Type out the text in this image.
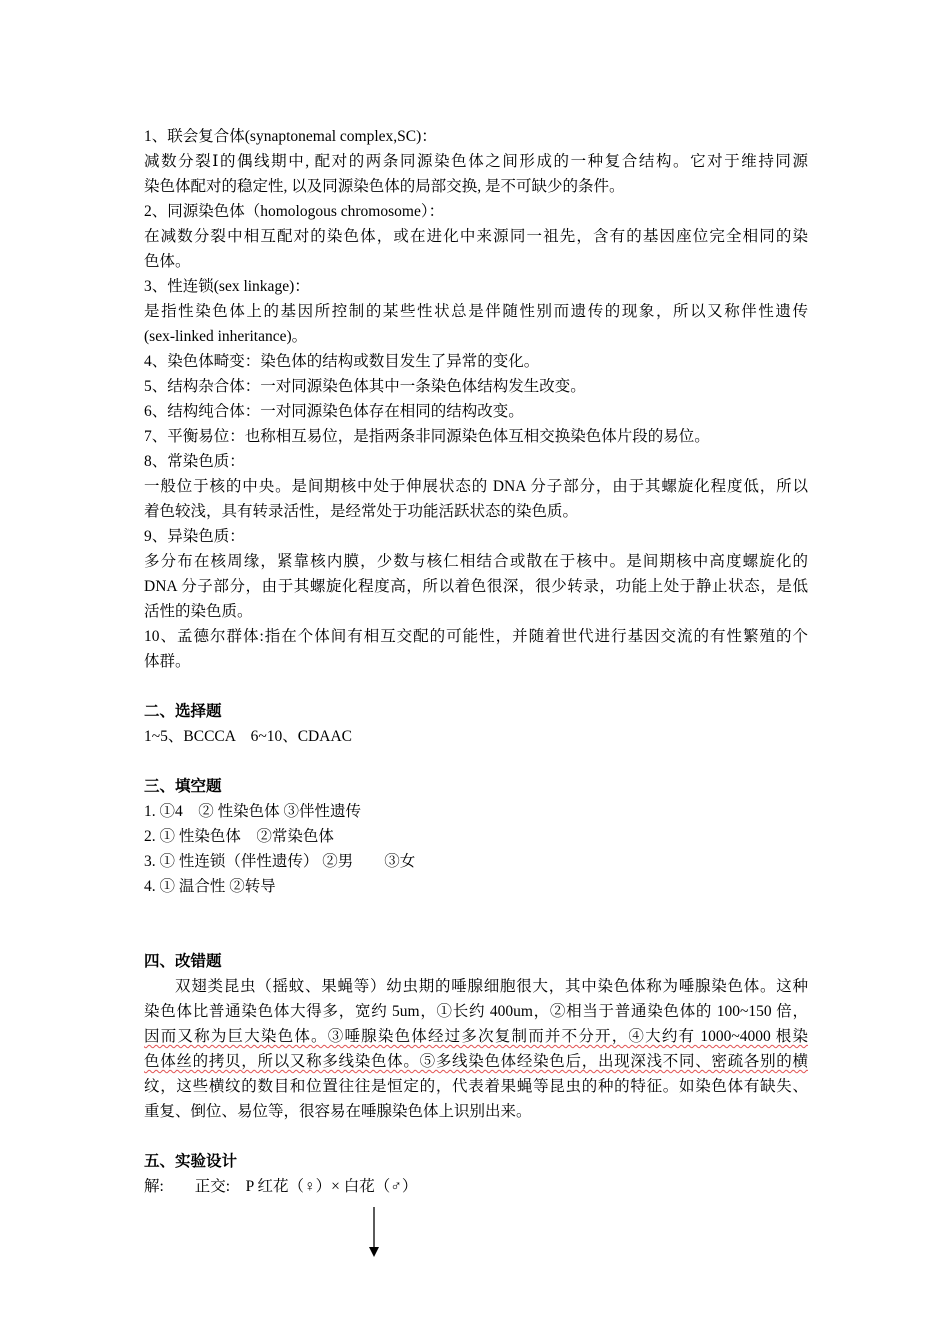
1、联会复合体(synaptonemal complex,SC)：
减数分裂Ⅰ的偶线期中, 配对的两条同源染色体之间形成的一种复合结构。它对于维持同源
染色体配对的稳定性, 以及同源染色体的局部交换, 是不可缺少的条件。
2、同源染色体（homologous chromosome）：
在减数分裂中相互配对的染色体，或在进化中来源同一祖先，含有的基因座位完全相同的染
色体。
3、性连锁(sex linkage)：
是指性染色体上的基因所控制的某些性状总是伴随性别而遗传的现象，所以又称伴性遗传
(sex-linked inheritance)。
4、染色体畸变：染色体的结构或数目发生了异常的变化。
5、结构杂合体：一对同源染色体其中一条染色体结构发生改变。
6、结构纯合体：一对同源染色体存在相同的结构改变。
7、平衡易位：也称相互易位，是指两条非同源染色体互相交换染色体片段的易位。
8、常染色质：
一般位于核的中央。是间期核中处于伸展状态的 DNA 分子部分，由于其螺旋化程度低，所以
着色较浅，具有转录活性，是经常处于功能活跃状态的染色质。
9、异染色质：
多分布在核周缘，紧靠核内膜，少数与核仁相结合或散在于核中。是间期核中高度螺旋化的
DNA 分子部分，由于其螺旋化程度高，所以着色很深，很少转录，功能上处于静止状态，是低
活性的染色质。
10、孟德尔群体:指在个体间有相互交配的可能性，并随着世代进行基因交流的有性繁殖的个
体群。
二、选择题
1~5、BCCCA　6~10、CDAAC
三、填空题
1. ①4　② 性染色体 ③伴性遗传
2. ① 性染色体　②常染色体
3. ① 性连锁（伴性遗传） ②男　　③女
4. ① 温合性 ②转导
四、改错题
双翅类昆虫（摇蚊、果蝇等）幼虫期的唾腺细胞很大，其中染色体称为唾腺染色体。这种
染色体比普通染色体大得多，宽约 5um，①长约 400um，②相当于普通染色体的 100~150 倍，
因而又称为巨大染色体。③唾腺染色体经过多次复制而并不分开，④大约有 1000~4000 根染
色体丝的拷贝，所以又称多线染色体。⑤多线染色体经染色后，出现深浅不同、密疏各别的横
纹，这些横纹的数目和位置往往是恒定的，代表着果蝇等昆虫的种的特征。如染色体有缺失、
重复、倒位、易位等，很容易在唾腺染色体上识别出来。
五、实验设计
解:　　正交:　P 红花（♀）× 白花（♂）
